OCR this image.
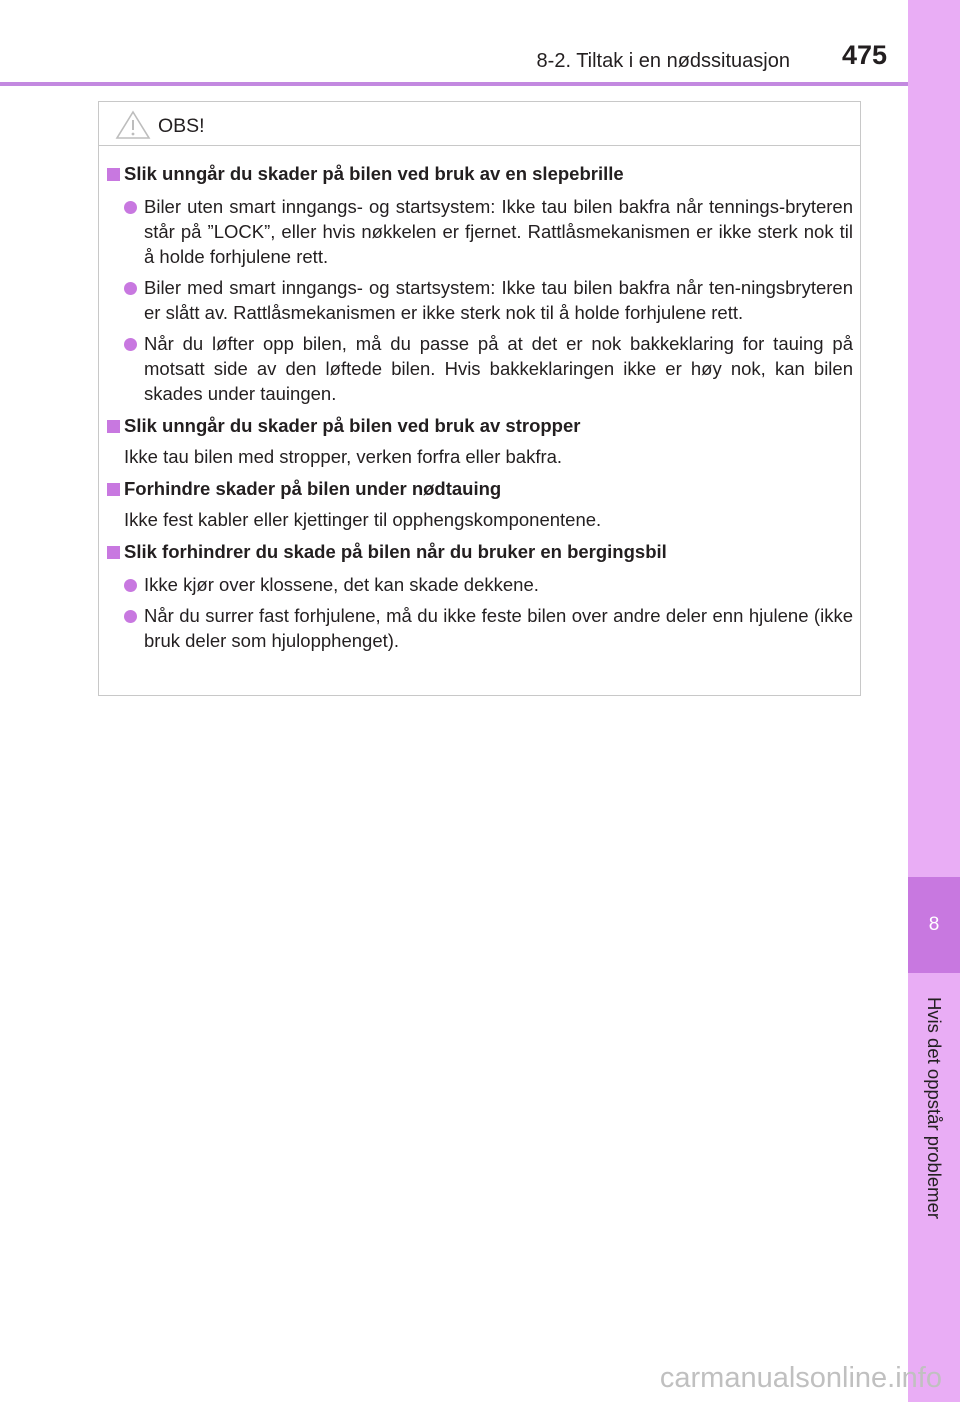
8
Hvis det oppstår problemer
8-2. Tiltak i en nødssituasjon 475
OBS!
Slik unngår du skader på bilen ved bruk av en slepebrille
Biler uten smart inngangs- og startsystem: Ikke tau bilen bakfra når tennings-bryteren står på ”LOCK”, eller hvis nøkkelen er fjernet. Rattlåsmekanismen er ikke sterk nok til å holde forhjulene rett.
Biler med smart inngangs- og startsystem: Ikke tau bilen bakfra når ten-ningsbryteren er slått av. Rattlåsmekanismen er ikke sterk nok til å holde forhjulene rett.
Når du løfter opp bilen, må du passe på at det er nok bakkeklaring for tauing på motsatt side av den løftede bilen. Hvis bakkeklaringen ikke er høy nok, kan bilen skades under tauingen.
Slik unngår du skader på bilen ved bruk av stropper
Ikke tau bilen med stropper, verken forfra eller bakfra.
Forhindre skader på bilen under nødtauing
Ikke fest kabler eller kjettinger til opphengskomponentene.
Slik forhindrer du skade på bilen når du bruker en bergingsbil
Ikke kjør over klossene, det kan skade dekkene.
Når du surrer fast forhjulene, må du ikke feste bilen over andre deler enn hjulene (ikke bruk deler som hjulopphenget).
carmanualsonline.info
